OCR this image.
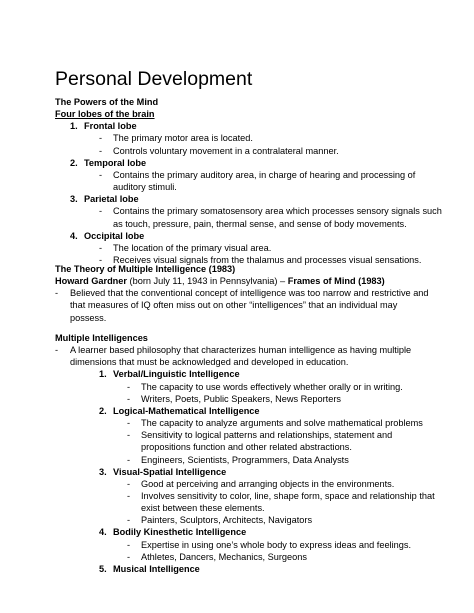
Personal Development
The Powers of the Mind
Four lobes of the brain
1. Frontal lobe
- The primary motor area is located.
- Controls voluntary movement in a contralateral manner.
2. Temporal lobe
- Contains the primary auditory area, in charge of hearing and processing of
auditory stimuli.
3. Parietal lobe
- Contains the primary somatosensory area which processes sensory signals such
as touch, pressure, pain, thermal sense, and sense of body movements.
4. Occipital lobe
- The location of the primary visual area.
- Receives visual signals from the thalamus and processes visual sensations.
The Theory of Multiple Intelligence (1983)
Howard Gardner (born July 11, 1943 in Pennsylvania) – Frames of Mind (1983)
- Believed that the conventional concept of intelligence was too narrow and restrictive and
that measures of IQ often miss out on other “intelligences” that an individual may
possess.
Multiple Intelligences
- A learner based philosophy that characterizes human intelligence as having multiple
dimensions that must be acknowledged and developed in education.
1. Verbal/Linguistic Intelligence
- The capacity to use words effectively whether orally or in writing.
- Writers, Poets, Public Speakers, News Reporters
2. Logical-Mathematical Intelligence
- The capacity to analyze arguments and solve mathematical problems
- Sensitivity to logical patterns and relationships, statement and
propositions function and other related abstractions.
- Engineers, Scientists, Programmers, Data Analysts
3. Visual-Spatial Intelligence
- Good at perceiving and arranging objects in the environments.
- Involves sensitivity to color, line, shape form, space and relationship that
exist between these elements.
- Painters, Sculptors, Architects, Navigators
4. Bodily Kinesthetic Intelligence
- Expertise in using one’s whole body to express ideas and feelings.
- Athletes, Dancers, Mechanics, Surgeons
5. Musical Intelligence
